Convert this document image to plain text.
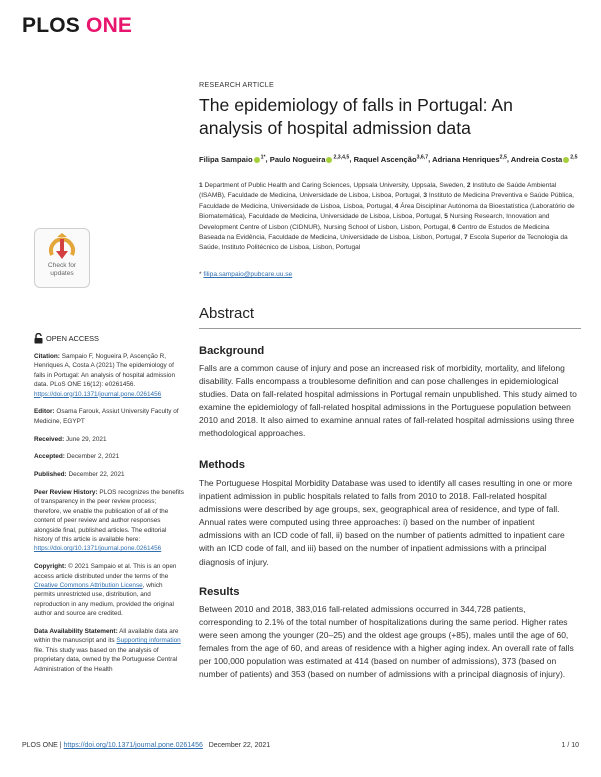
PLOS ONE
RESEARCH ARTICLE
The epidemiology of falls in Portugal: An analysis of hospital admission data
Filipa Sampaio $^{1*}$, Paulo Nogueira $^{2,3,4,5}$, Raquel Ascenção$^{3,6,7}$, Adriana Henriques$^{2,5}$, Andreia Costa $^{2,5}$
1 Department of Public Health and Caring Sciences, Uppsala University, Uppsala, Sweden, 2 Instituto de Saúde Ambiental (ISAMB), Faculdade de Medicina, Universidade de Lisboa, Lisboa, Portugal, 3 Instituto de Medicina Preventiva e Saúde Pública, Faculdade de Medicina, Universidade de Lisboa, Lisboa, Portugal, 4 Área Disciplinar Autónoma da Bioestatística (Laboratório de Biomatemática), Faculdade de Medicina, Universidade de Lisboa, Lisboa, Portugal, 5 Nursing Research, Innovation and Development Centre of Lisbon (CIDNUR), Nursing School of Lisbon, Lisbon, Portugal, 6 Centro de Estudos de Medicina Baseada na Evidência, Faculdade de Medicina, Universidade de Lisboa, Lisbon, Portugal, 7 Escola Superior de Tecnologia da Saúde, Instituto Politécnico de Lisboa, Lisbon, Portugal
* filipa.sampaio@pubcare.uu.se
Abstract
Background
Falls are a common cause of injury and pose an increased risk of morbidity, mortality, and lifelong disability. Falls encompass a troublesome definition and can pose challenges in epidemiological studies. Data on fall-related hospital admissions in Portugal remain unpublished. This study aimed to examine the epidemiology of fall-related hospital admissions in the Portuguese population between 2010 and 2018. It also aimed to examine annual rates of fall-related hospital admissions using three methodological approaches.
Methods
The Portuguese Hospital Morbidity Database was used to identify all cases resulting in one or more inpatient admission in public hospitals related to falls from 2010 to 2018. Fall-related hospital admissions were described by age groups, sex, geographical area of residence, and type of fall. Annual rates were computed using three approaches: i) based on the number of inpatient admissions with an ICD code of fall, ii) based on the number of patients admitted to inpatient care with an ICD code of fall, and iii) based on the number of inpatient admissions with a principal diagnosis of injury.
Results
Between 2010 and 2018, 383,016 fall-related admissions occurred in 344,728 patients, corresponding to 2.1% of the total number of hospitalizations during the same period. Higher rates were seen among the younger (20–25) and the oldest age groups (+85), males until the age of 60, females from the age of 60, and areas of residence with a higher aging index. An overall rate of falls per 100,000 population was estimated at 414 (based on number of admissions), 373 (based on number of patients) and 353 (based on number of admissions with a principal diagnosis of injury).
Check for
updates
OPEN ACCESS

Citation: Sampaio F, Nogueira P, Ascenção R, Henriques A, Costa A (2021) The epidemiology of falls in Portugal: An analysis of hospital admission data. PLoS ONE 16(12): e0261456. https://doi.org/10.1371/journal.pone.0261456

Editor: Osama Farouk, Assiut University Faculty of Medicine, EGYPT

Received: June 29, 2021

Accepted: December 2, 2021

Published: December 22, 2021

Peer Review History: PLOS recognizes the benefits of transparency in the peer review process; therefore, we enable the publication of all of the content of peer review and author responses alongside final, published articles. The editorial history of this article is available here: https://doi.org/10.1371/journal.pone.0261456

Copyright: © 2021 Sampaio et al. This is an open access article distributed under the terms of the Creative Commons Attribution License, which permits unrestricted use, distribution, and reproduction in any medium, provided the original author and source are credited.

Data Availability Statement: All available data are within the manuscript and its Supporting information file. This study was based on the analysis of proprietary data, owned by the Portuguese Central Administration of the Health

PLOS ONE | https://doi.org/10.1371/journal.pone.0261456 December 22, 2021	1 / 10
